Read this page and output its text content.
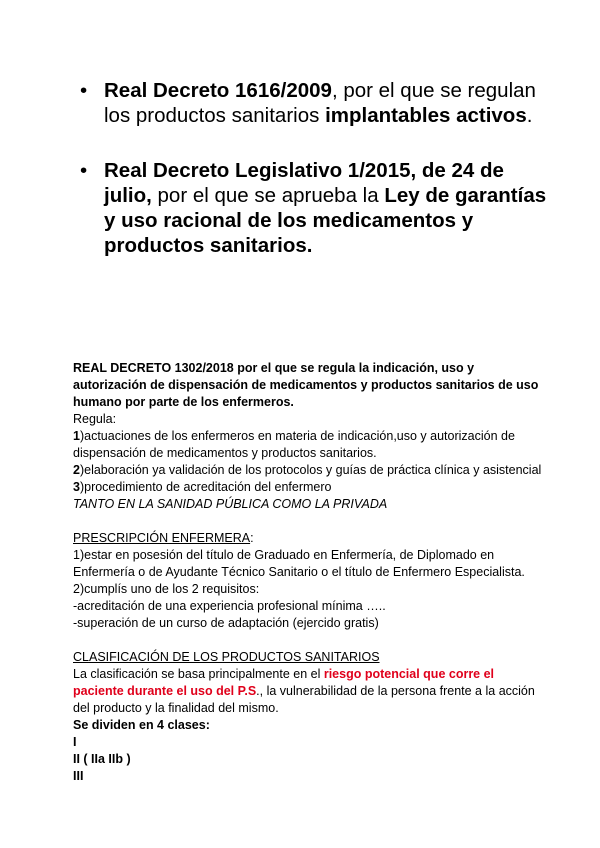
• Real Decreto 1616/2009, por el que se regulan los productos sanitarios implantables activos.
• Real Decreto Legislativo 1/2015, de 24 de julio, por el que se aprueba la Ley de garantías y uso racional de los medicamentos y productos sanitarios.

REAL DECRETO 1302/2018 por el que se regula la indicación, uso y autorización de dispensación de medicamentos y productos sanitarios de uso humano por parte de los enfermeros.

Regula:

1)actuaciones de los enfermeros en materia de indicación,uso y autorización de dispensación de medicamentos y productos sanitarios.

2)elaboración ya validación de los protocolos y guías de práctica clínica y asistencial

3)procedimiento de acreditación del enfermero

TANTO EN LA SANIDAD PÚBLICA COMO LA PRIVADA

PRESCRIPCIÓN ENFERMERA:

1)estar en posesión del título de Graduado en Enfermería, de Diplomado en Enfermería o de Ayudante Técnico Sanitario o el título de Enfermero Especialista.

2)cumplís uno de los 2 requisitos:

-acreditación de una experiencia profesional mínima …..

-superación de un curso de adaptación (ejercido gratis)

CLASIFICACIÓN DE LOS PRODUCTOS SANITARIOS

La clasificación se basa principalmente en el riesgo potencial que corre el paciente durante el uso del P.S., la vulnerabilidad de la persona frente a la acción del producto y la finalidad del mismo.

Se dividen en 4 clases:

I

II ( IIa IIb )

III
